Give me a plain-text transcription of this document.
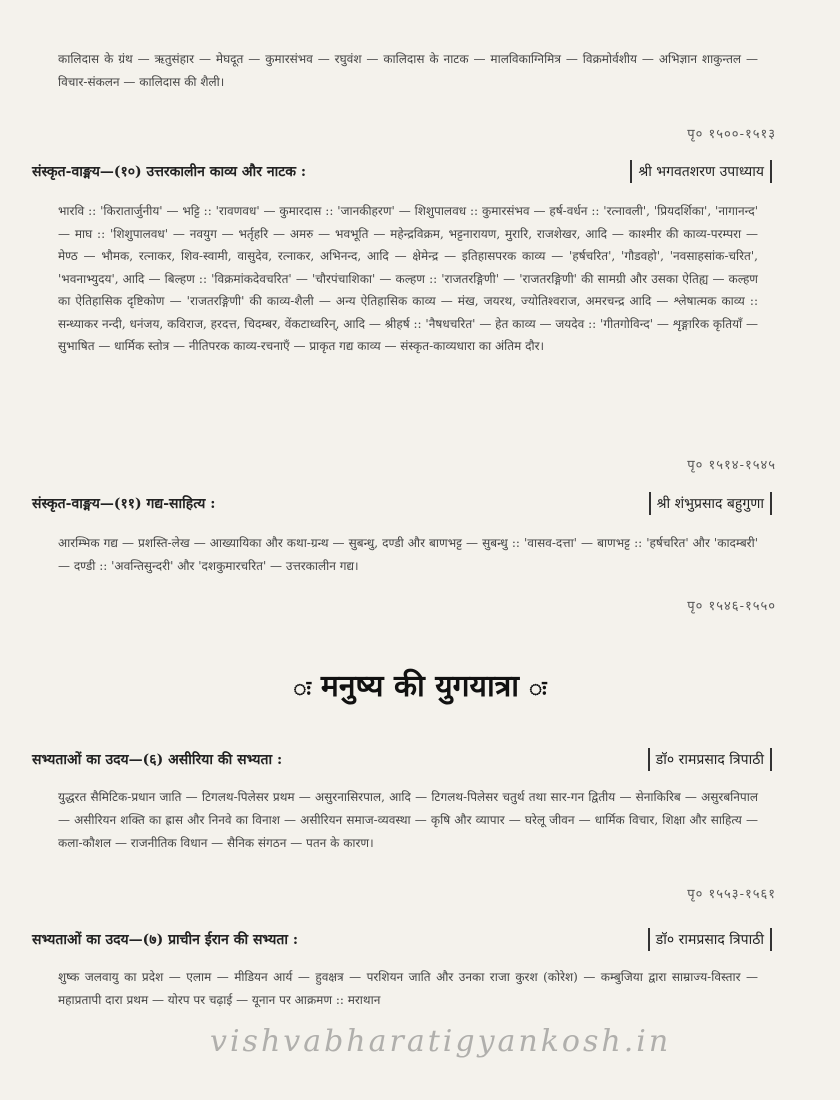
कालिदास के ग्रंथ — ऋतुसंहार — मेघदूत — कुमारसंभव — रघुवंश — कालिदास के नाटक — मालविकाग्निमित्र — विक्रमोर्वशीय — अभिज्ञान शाकुन्तल — विचार-संकलन — कालिदास की शैली।
पृ० १५००-१५१३
संस्कृत-वाङ्मय—(१०) उत्तरकालीन काव्य और नाटक :	श्री भगवतशरण उपाध्याय
भारवि :: 'किरातार्जुनीय' — भट्टि :: 'रावणवध' — कुमारदास :: 'जानकीहरण' — शिशुपालवध :: कुमारसंभव — हर्ष-वर्धन :: 'रत्नावली', 'प्रियदर्शिका', 'नागानन्द' — माघ :: 'शिशुपालवध' — नवयुग — भर्तृहरि — अमरु — भवभूति — महेन्द्रविक्रम, भट्टनारायण, मुरारि, राजशेखर, आदि — काश्मीर की काव्य-परम्परा — मेण्ठ — भौमक, रत्नाकर, शिव-स्वामी, वासुदेव, रत्नाकर, अभिनन्द, आदि — क्षेमेन्द्र — इतिहासपरक काव्य — 'हर्षचरित', 'गौडवहो', 'नवसाहसांक-चरित', 'भवनाभ्युदय', आदि — बिल्हण :: 'विक्रमांकदेवचरित' — 'चौरपंचाशिका' — कल्हण :: 'राजतरङ्गिणी' — 'राजतरङ्गिणी' की सामग्री और उसका ऐतिह्य — कल्हण का ऐतिहासिक दृष्टिकोण — 'राजतरङ्गिणी' की काव्य-शैली — अन्य ऐतिहासिक काव्य — मंख, जयरथ, ज्योतिश्वराज, अमरचन्द्र आदि — श्लेषात्मक काव्य :: सन्ध्याकर नन्दी, धनंजय, कविराज, हरदत्त, चिदम्बर, वेंकटाध्वरिन्, आदि — श्रीहर्ष :: 'नैषधचरित' — हेत काव्य — जयदेव :: 'गीतगोविन्द' — शृङ्गारिक कृतियाँ — सुभाषित — धार्मिक स्तोत्र — नीतिपरक काव्य-रचनाएँ — प्राकृत गद्य काव्य — संस्कृत-काव्यधारा का अंतिम दौर।
पृ० १५१४-१५४५
संस्कृत-वाङ्मय—(११) गद्य-साहित्य :	श्री शंभुप्रसाद बहुगुणा
आरम्भिक गद्य — प्रशस्ति-लेख — आख्यायिका और कथा-ग्रन्थ — सुबन्धु, दण्डी और बाणभट्ट — सुबन्धु :: 'वासव-दत्ता' — बाणभट्ट :: 'हर्षचरित' और 'कादम्बरी' — दण्डी :: 'अवन्तिसुन्दरी' और 'दशकुमारचरित' — उत्तरकालीन गद्य।
पृ० १५४६-१५५०
ः मनुष्य की युगयात्रा ः
सभ्यताओं का उदय—(६) असीरिया की सभ्यता :	डॉ० रामप्रसाद त्रिपाठी
युद्धरत सैमिटिक-प्रधान जाति — टिगलथ-पिलेसर प्रथम — असुरनासिरपाल, आदि — टिगलथ-पिलेसर चतुर्थ तथा सार-गन द्वितीय — सेनाकिरिब — असुरबनिपाल — असीरियन शक्ति का ह्रास और निनवे का विनाश — असीरियन समाज-व्यवस्था — कृषि और व्यापार — घरेलू जीवन — धार्मिक विचार, शिक्षा और साहित्य — कला-कौशल — राजनीतिक विधान — सैनिक संगठन — पतन के कारण।
पृ० १५५३-१५६१
सभ्यताओं का उदय—(७) प्राचीन ईरान की सभ्यता :	डॉ० रामप्रसाद त्रिपाठी
शुष्क जलवायु का प्रदेश — एलाम — मीडियन आर्य — हुवक्षत्र — परशियन जाति और उनका राजा कुरश (कोरेश) — कम्बुजिया द्वारा साम्राज्य-विस्तार — महाप्रतापी दारा प्रथम — योरप पर चढ़ाई — यूनान पर आक्रमण :: मराथान
vishvabharatigyankosh.in
